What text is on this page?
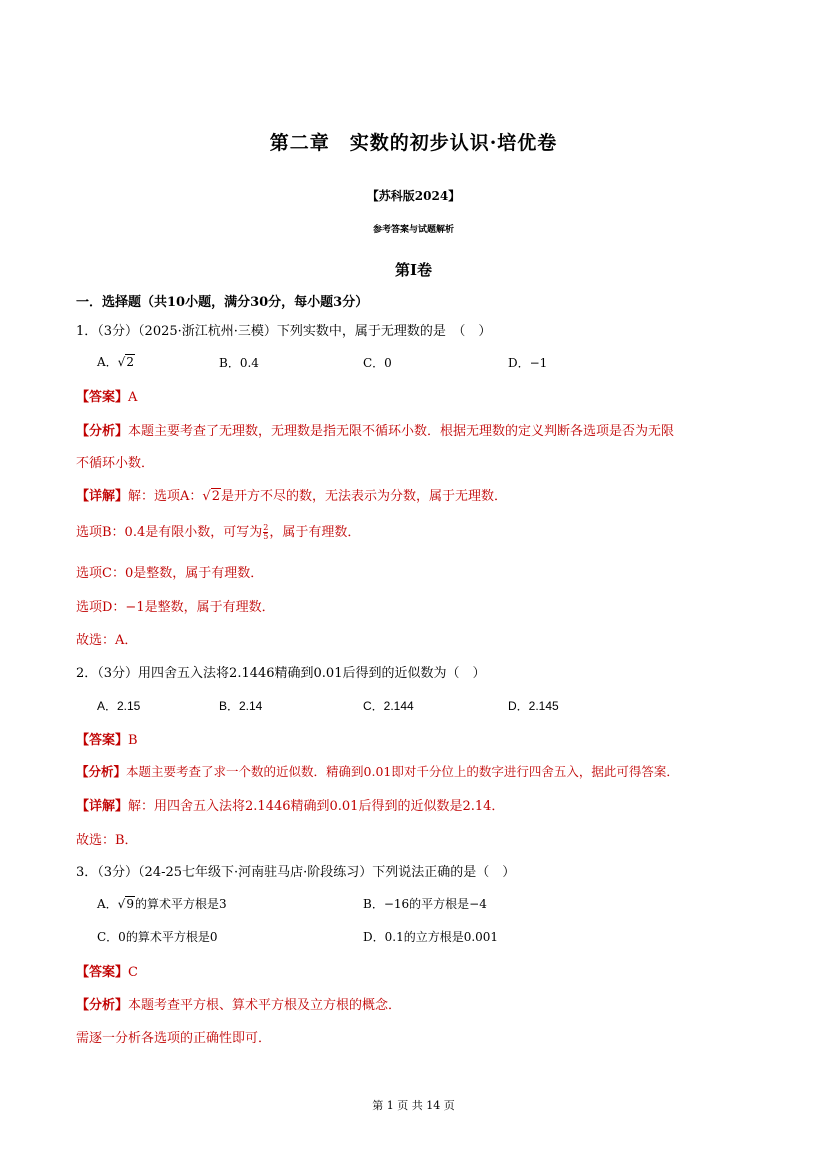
第二章　实数的初步认识·培优卷
【苏科版2024】
参考答案与试题解析
第I卷
一．选择题（共10小题，满分30分，每小题3分）
1．（3分）（2025·浙江杭州·三模）下列实数中，属于无理数的是　（　）
A．√2	B．0.4	C．0	D．−1
【答案】A
【分析】本题主要考查了无理数，无理数是指无限不循环小数．根据无理数的定义判断各选项是否为无限
不循环小数．
【详解】解：选项A：√2是开方不尽的数，无法表示为分数，属于无理数．
选项B：0.4是有限小数，可写为 $\frac{2}{5}$ ，属于有理数．
选项C：0是整数，属于有理数．
选项D：−1是整数，属于有理数．
故选：A．
2．（3分）用四舍五入法将2.1446精确到0.01后得到的近似数为（　）
A．2.15	B．2.14	C．2.144	D．2.145
【答案】B
【分析】本题主要考查了求一个数的近似数．精确到0.01即对千分位上的数字进行四舍五入，据此可得答案．
【详解】解：用四舍五入法将2.1446精确到0.01后得到的近似数是2.14．
故选：B．
3．（3分）（24-25七年级下·河南驻马店·阶段练习）下列说法正确的是（　）
A．√9的算术平方根是3	B．−16的平方根是−4
C．0的算术平方根是0	D．0.1的立方根是0.001
【答案】C
【分析】本题考查平方根、算术平方根及立方根的概念．
需逐一分析各选项的正确性即可．
第 1 页 共 14 页
